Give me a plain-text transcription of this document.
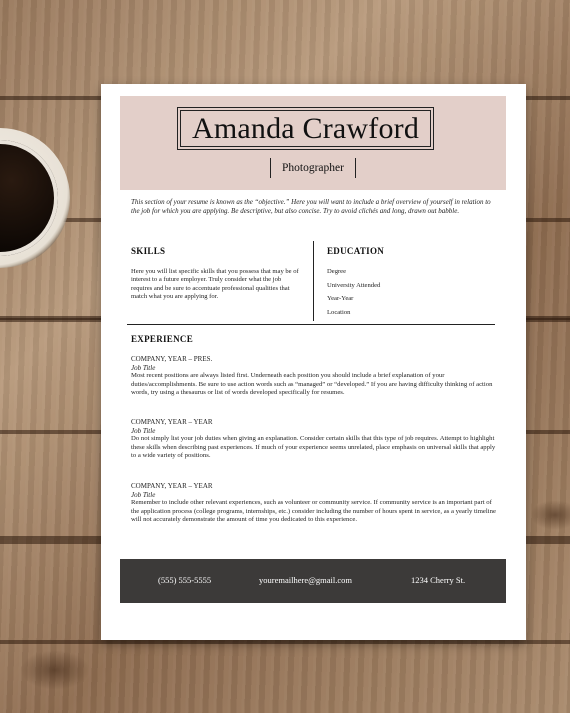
Amanda Crawford
Photographer
This section of your resume is known as the “objective.” Here you will want to include a brief overview of yourself in relation to the job for which you are applying. Be descriptive, but also concise. Try to avoid clichés and long, drawn out babble.
SKILLS	EDUCATION
Here you will list specific skills that you possess that may be of interest to a future employer. Truly consider what the job requires and be sure to accentuate professional qualities that match what you are applying for.
Degree
University Attended
Year-Year
Location
EXPERIENCE
COMPANY, YEAR – PRES.
Job Title
Most recent positions are always listed first. Underneath each position you should include a brief explanation of your duties/accomplishments. Be sure to use action words such as “managed” or “developed.” If you are having difficulty thinking of action words, try using a thesaurus or list of words developed specifically for resumes.
COMPANY, YEAR – YEAR
Job Title
Do not simply list your job duties when giving an explanation. Consider certain skills that this type of job requires. Attempt to highlight these skills when describing past experiences. If much of your experience seems unrelated, place emphasis on universal skills that apply to a wide variety of positions.
COMPANY, YEAR – YEAR
Job Title
Remember to include other relevant experiences, such as volunteer or community service. If community service is an important part of the application process (college programs, internships, etc.) consider including the number of hours spent in service, as a yearly timeline will not accurately demonstrate the amount of time you dedicated to this experience.
(555) 555-5555	youremailhere@gmail.com	1234 Cherry St.
